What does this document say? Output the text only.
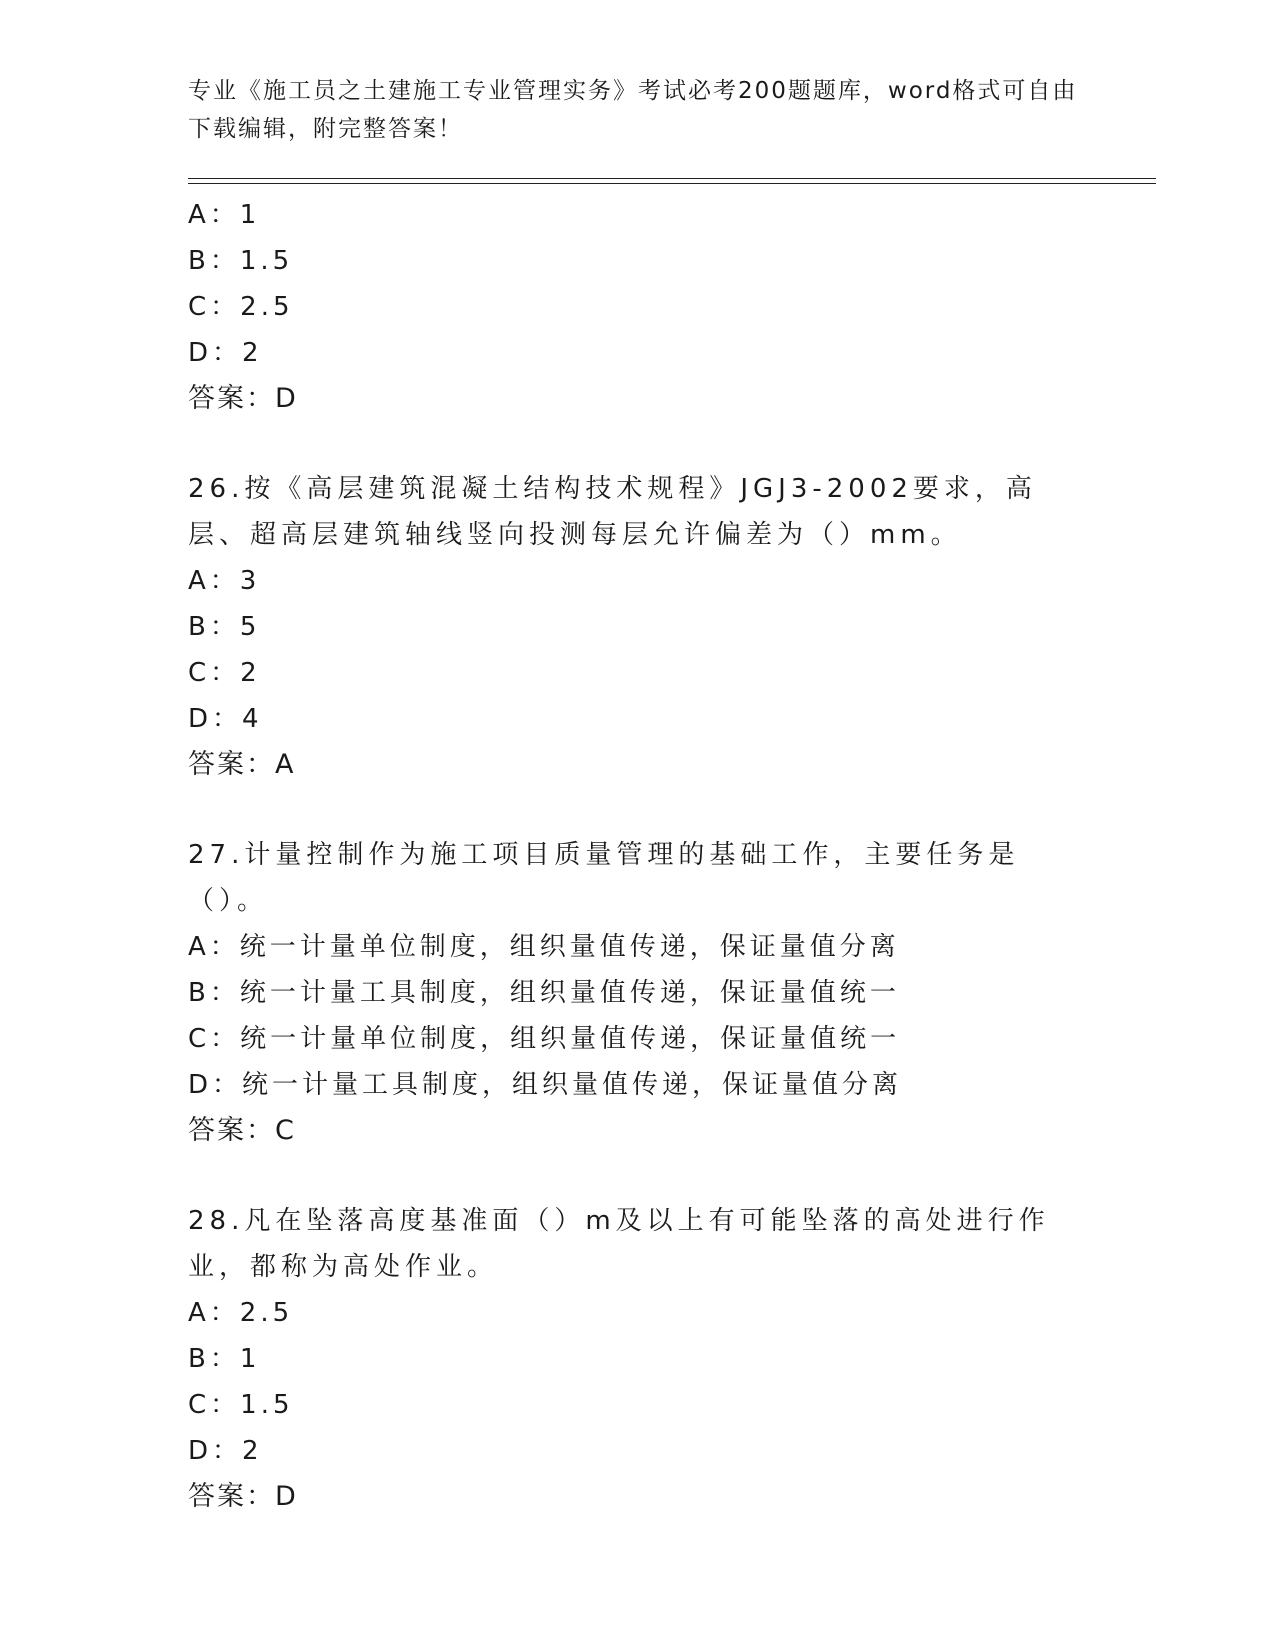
专业《施工员之土建施工专业管理实务》考试必考200题题库，word格式可自由下载编辑，附完整答案！
A：1
B：1.5
C：2.5
D：2
答案：D
26.按《高层建筑混凝土结构技术规程》JGJ3-2002要求，高层、超高层建筑轴线竖向投测每层允许偏差为（）mm。
A：3
B：5
C：2
D：4
答案：A
27.计量控制作为施工项目质量管理的基础工作，主要任务是（）。
A：统一计量单位制度，组织量值传递，保证量值分离
B：统一计量工具制度，组织量值传递，保证量值统一
C：统一计量单位制度，组织量值传递，保证量值统一
D：统一计量工具制度，组织量值传递，保证量值分离
答案：C
28.凡在坠落高度基准面（）m及以上有可能坠落的高处进行作业，都称为高处作业。
A：2.5
B：1
C：1.5
D：2
答案：D
